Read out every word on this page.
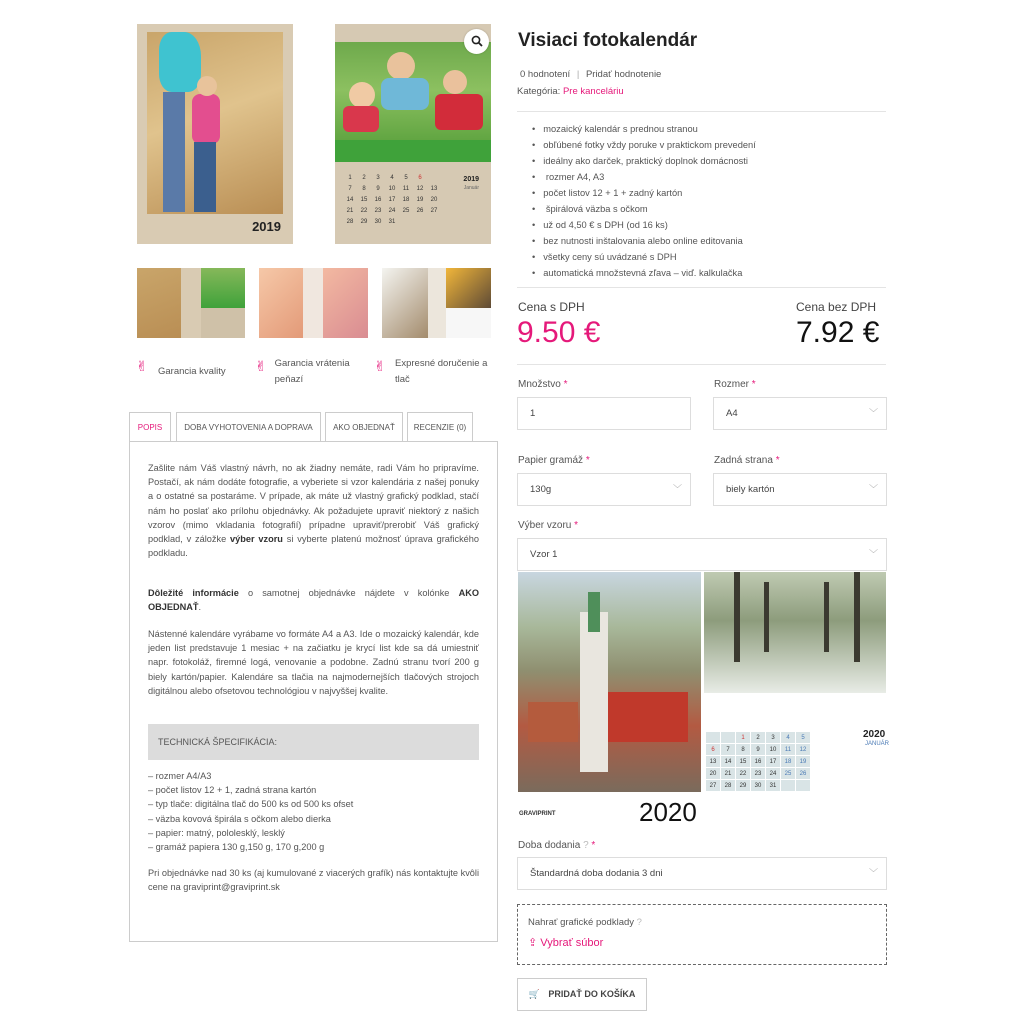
2019
1	2	3	4	5	6	
7	8	9	10	11	12	13
14	15	16	17	18	19	20
21	22	23	24	25	26	27
28	29	30	31			
2019
Január
✌	Garancia kvality ✌ Garancia vrátenia peňazí
✌ Expresné doručenie a tlač
POPIS	DOBA VYHOTOVENIA A DOPRAVA	AKO OBJEDNAŤ	RECENZIE (0)
Zašlite nám Váš vlastný návrh, no ak žiadny nemáte, radi Vám ho pripravíme. Postačí, ak nám dodáte fotografie, a vyberiete si vzor kalendária z našej ponuky a o ostatné sa postaráme. V prípade, ak máte už vlastný grafický podklad, stačí nám ho poslať ako prílohu objednávky. Ak požadujete upraviť niektorý z našich vzorov (mimo vkladania fotografií) prípadne upraviť/prerobiť Váš grafický podklad, v záložke výber vzoru si vyberte platenú možnosť úprava grafického podkladu.
Dôležité informácie o samotnej objednávke nájdete v kolónke AKO OBJEDNAŤ.
Nástenné kalendáre vyrábame vo formáte A4 a A3. Ide o mozaický kalendár, kde jeden list predstavuje 1 mesiac + na začiatku je krycí list kde sa dá umiestniť napr. fotokoláž, firemné logá, venovanie a podobne. Zadnú stranu tvorí 200 g biely kartón/papier. Kalendáre sa tlačia na najmodernejších tlačových strojoch digitálnou alebo ofsetovou technológiou v najvyššej kvalite.
TECHNICKÁ ŠPECIFIKÁCIA:
– rozmer A4/A3
– počet listov 12 + 1, zadná strana kartón
– typ tlače: digitálna tlač do 500 ks od 500 ks ofset
– väzba kovová špirála s očkom alebo dierka
– papier: matný, pololesklý, lesklý
– gramáž papiera 130 g,150 g, 170 g,200 g
Pri objednávke nad 30 ks (aj kumulované z viacerých grafík) nás kontaktujte kvôli cene na graviprint@graviprint.sk
Visiaci fotokalendár
0 hodnotení | Pridať hodnotenie
Kategória: Pre kanceláriu
• mozaický kalendár s prednou stranou
• obľúbené fotky vždy poruke v praktickom prevedení
• ideálny ako darček, praktický doplnok domácnosti
• rozmer A4, A3
• počet listov 12 + 1 + zadný kartón
• špirálová väzba s očkom
• už od 4,50 € s DPH (od 16 ks)
• bez nutnosti inštalovania alebo online editovania
• všetky ceny sú uvádzané s DPH
• automatická množstevná zľava – viď. kalkulačka
Cena s DPH
9.50 €
Cena bez DPH
7.92 €
Množstvo *
1
Rozmer *
A4	﹀
Papier gramáž *
130g	﹀
Zadná strana *
biely kartón	﹀
Výber vzoru *
Vzor 1	﹀
		1	2	3	4	5
6	7	8	9	10	11	12
13	14	15	16	17	18	19
20	21	22	23	24	25	26
27	28	29	30	31		
2020
JANUÁR
2020
GRAVIPRINT
Doba dodania ? *
Štandardná doba dodania 3 dni	﹀
Nahrať grafické podklady ?
⇪ Vybrať súbor
🛒 PRIDAŤ DO KOŠÍKA
